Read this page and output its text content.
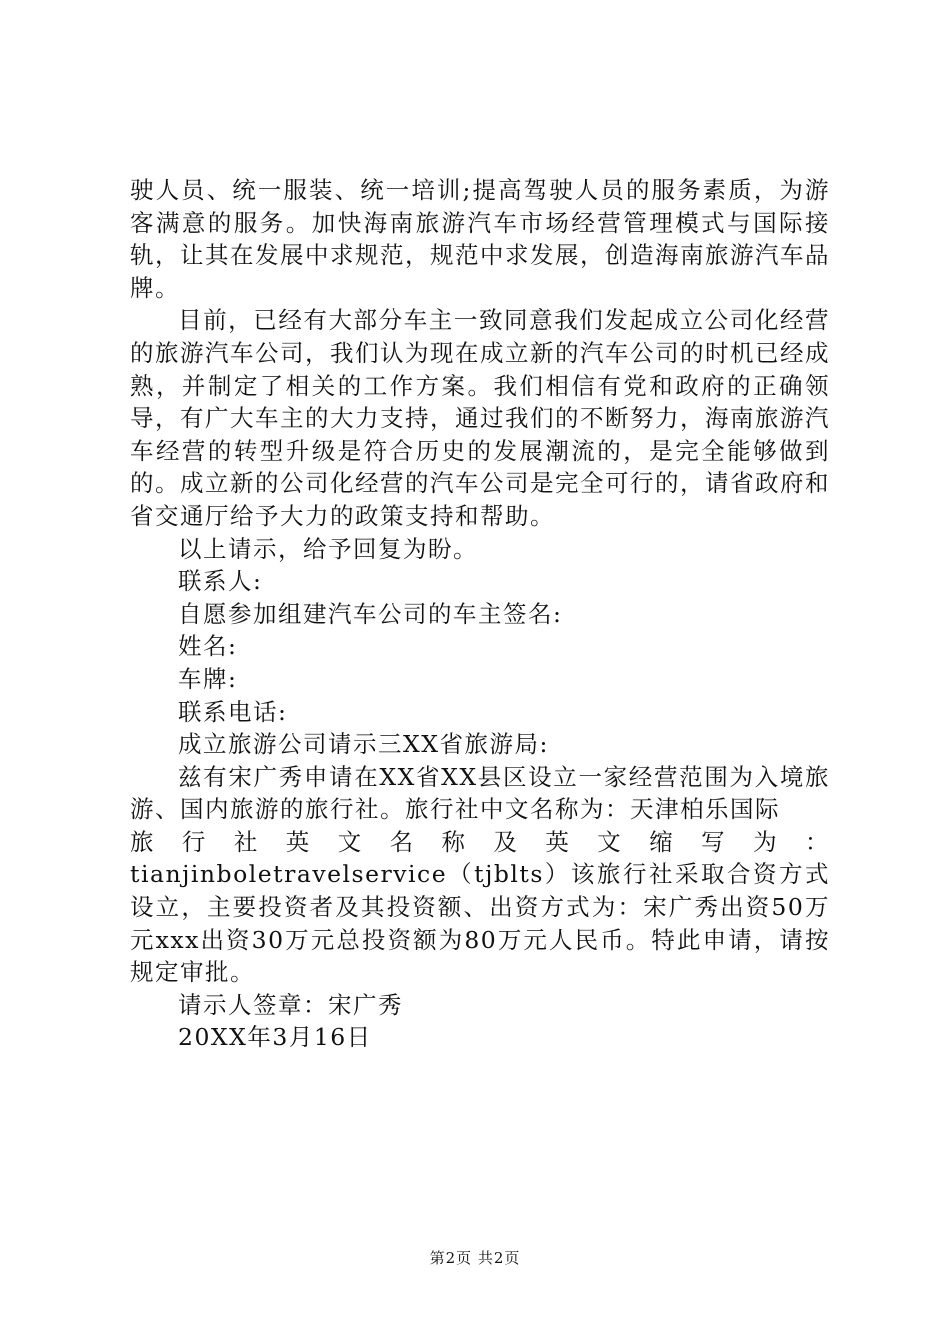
驶人员、统一服装、统一培训;提高驾驶人员的服务素质，为游客满意的服务。加快海南旅游汽车市场经营管理模式与国际接轨，让其在发展中求规范，规范中求发展，创造海南旅游汽车品牌。

目前，已经有大部分车主一致同意我们发起成立公司化经营的旅游汽车公司，我们认为现在成立新的汽车公司的时机已经成熟，并制定了相关的工作方案。我们相信有党和政府的正确领导，有广大车主的大力支持，通过我们的不断努力，海南旅游汽车经营的转型升级是符合历史的发展潮流的，是完全能够做到的。成立新的公司化经营的汽车公司是完全可行的，请省政府和省交通厅给予大力的政策支持和帮助。

以上请示，给予回复为盼。

联系人:

自愿参加组建汽车公司的车主签名:

姓名:

车牌:

联系电话:

成立旅游公司请示三XX省旅游局:

兹有宋广秀申请在XX省XX县区设立一家经营范围为入境旅游、国内旅游的旅行社。旅行社中文名称为：天津柏乐国际

旅行社英文名称及英文缩写为：

tianjinboletravelservice（tjblts）该旅行社采取合资方式设立，主要投资者及其投资额、出资方式为：宋广秀出资50万元xxx出资30万元总投资额为80万元人民币。特此申请，请按规定审批。

请示人签章：宋广秀

20XX年3月16日

第2页 共2页
